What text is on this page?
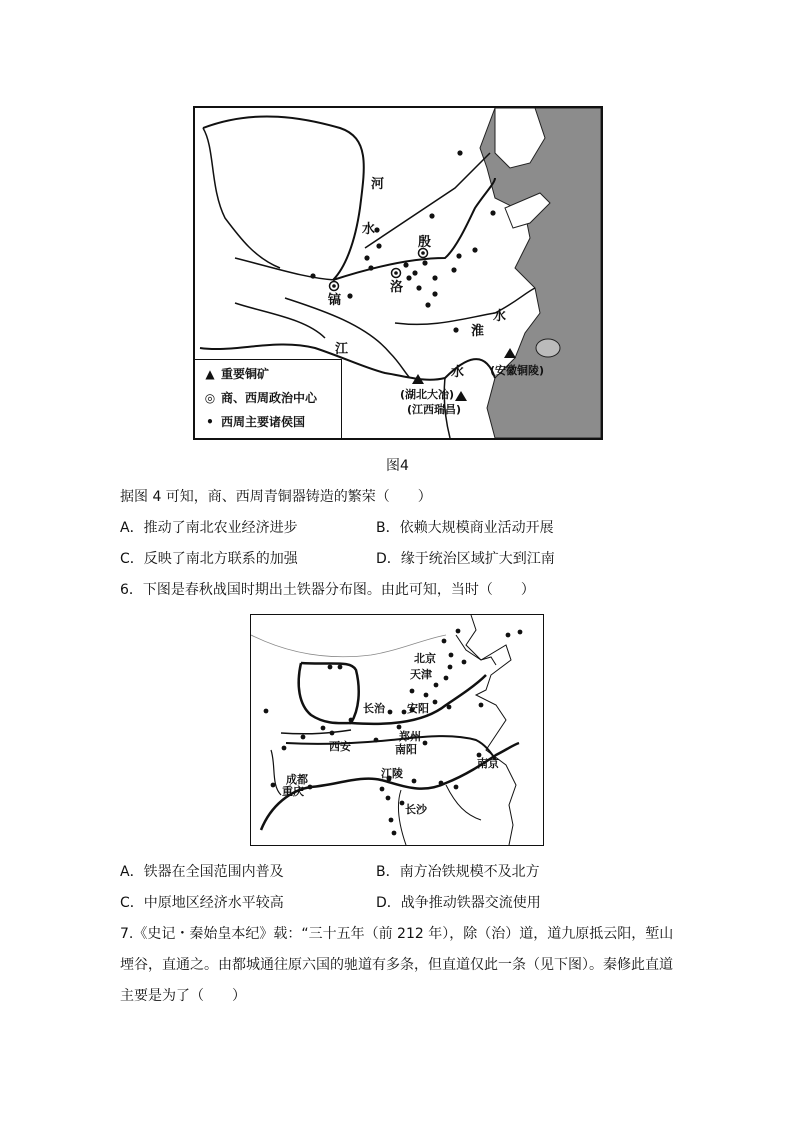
河
水
殷
洛
镐
淮
水
江
水 (安徽铜陵)
(湖北大冶)
(江西瑞昌)
▲ 重要铜矿
◎ 商、西周政治中心
• 西周主要诸侯国
图4
据图 4 可知，商、西周青铜器铸造的繁荣（　　）
A．推动了南北农业经济进步	B．依赖大规模商业活动开展
C．反映了南北方联系的加强	D．缘于统治区域扩大到江南
6．下图是春秋战国时期出土铁器分布图。由此可知，当时（　　）
北京
天津
长治 安阳
郑州
南阳
西安
成都
重庆
江陵
南京
长沙
A．铁器在全国范围内普及	B．南方冶铁规模不及北方
C．中原地区经济水平较高	D．战争推动铁器交流使用
7.《史记・秦始皇本纪》载：“三十五年（前 212 年），除（治）道，道九原抵云阳，堑山
堙谷，直通之。由都城通往原六国的驰道有多条，但直道仅此一条（见下图）。秦修此直道
主要是为了（　　）
